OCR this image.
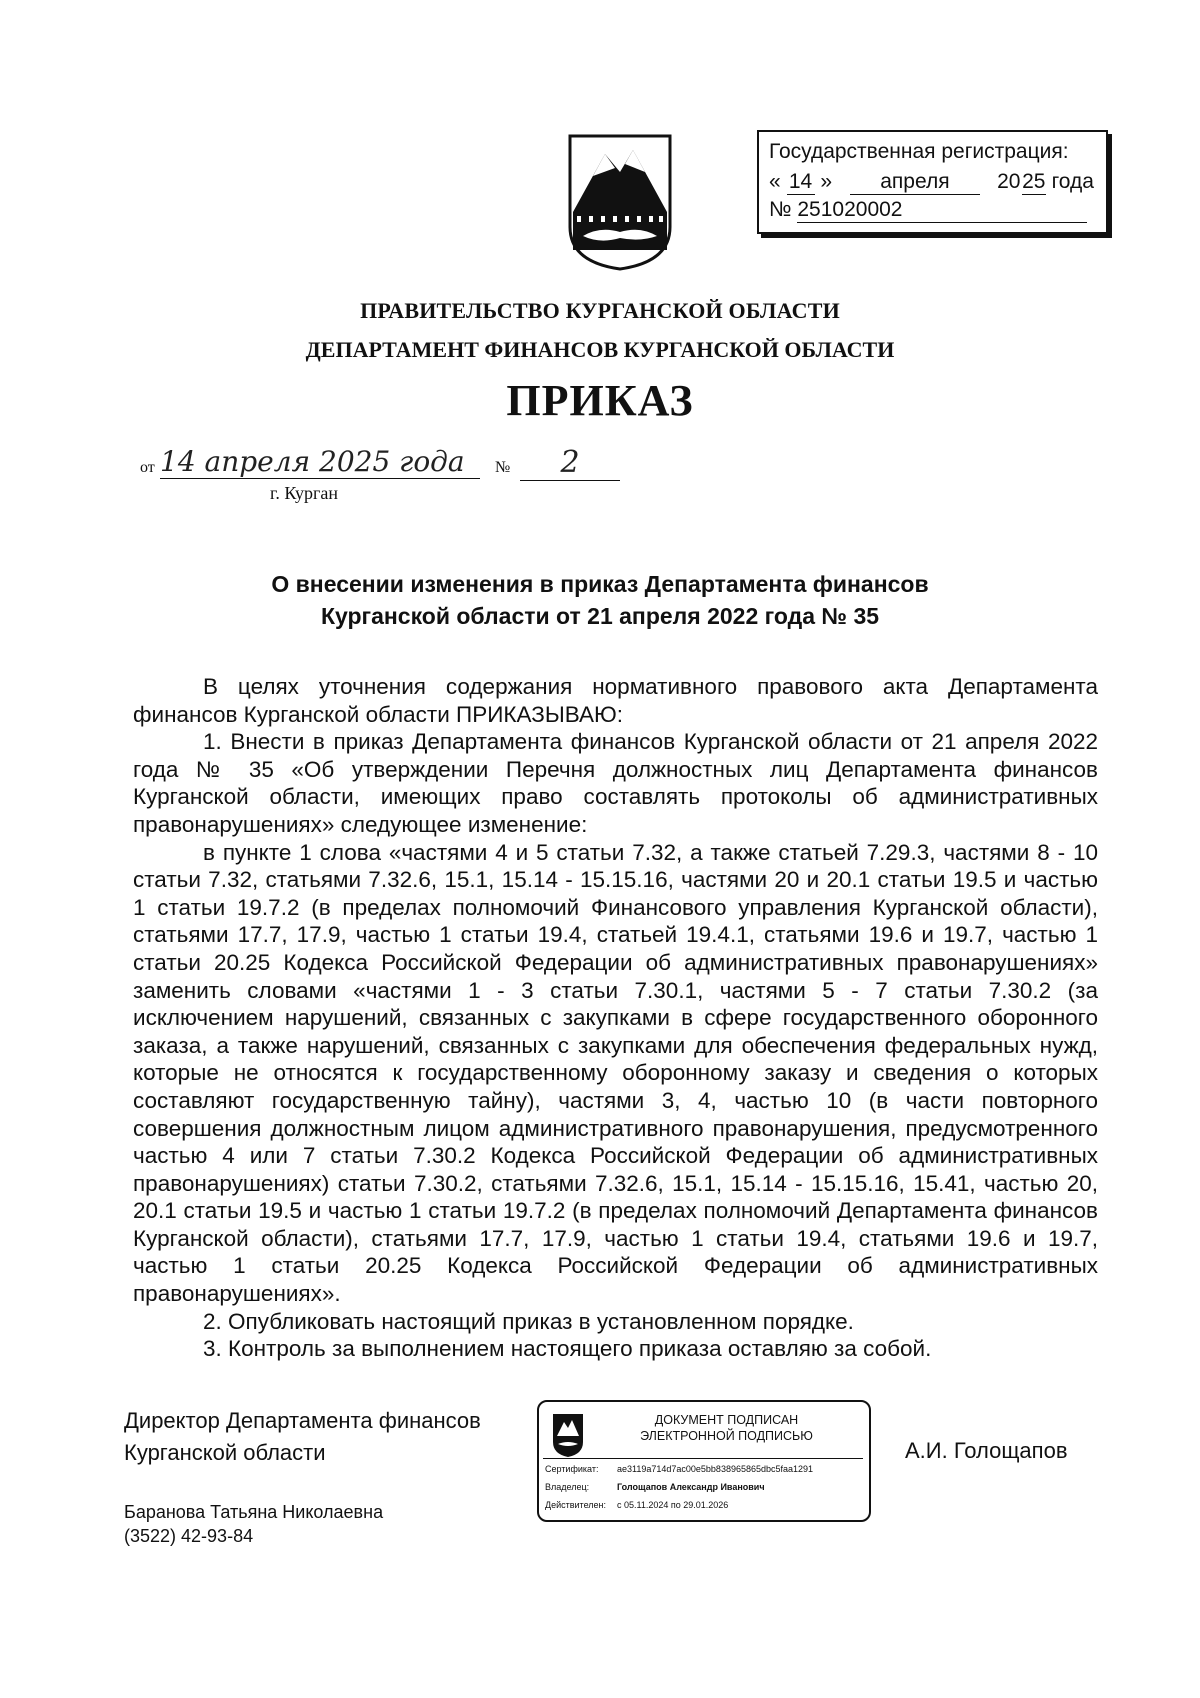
Государственная регистрация:
« 14 » апреля 2025 года
№ 251020002
ПРАВИТЕЛЬСТВО КУРГАНСКОЙ ОБЛАСТИ
ДЕПАРТАМЕНТ ФИНАНСОВ КУРГАНСКОЙ ОБЛАСТИ
ПРИКАЗ
от 14 апреля 2025 года	№	2
г. Курган
О внесении изменения в приказ Департамента финансов
Курганской области от 21 апреля 2022 года № 35

В целях уточнения содержания нормативного правового акта Департамента финансов Курганской области ПРИКАЗЫВАЮ:

1. Внести в приказ Департамента финансов Курганской области от 21 апреля 2022 года № 35 «Об утверждении Перечня должностных лиц Департамента финансов Курганской области, имеющих право составлять протоколы об административных правонарушениях» следующее изменение:

в пункте 1 слова «частями 4 и 5 статьи 7.32, а также статьей 7.29.3, частями 8 - 10 статьи 7.32, статьями 7.32.6, 15.1, 15.14 - 15.15.16, частями 20 и 20.1 статьи 19.5 и частью 1 статьи 19.7.2 (в пределах полномочий Финансового управления Курганской области), статьями 17.7, 17.9, частью 1 статьи 19.4, статьей 19.4.1, статьями 19.6 и 19.7, частью 1 статьи 20.25 Кодекса Российской Федерации об административных правонарушениях» заменить словами «частями 1 - 3 статьи 7.30.1, частями 5 - 7 статьи 7.30.2 (за исключением нарушений, связанных с закупками в сфере государственного оборонного заказа, а также нарушений, связанных с закупками для обеспечения федеральных нужд, которые не относятся к государственному оборонному заказу и сведения о которых составляют государственную тайну), частями 3, 4, частью 10 (в части повторного совершения должностным лицом административного правонарушения, предусмотренного частью 4 или 7 статьи 7.30.2 Кодекса Российской Федерации об административных правонарушениях) статьи 7.30.2, статьями 7.32.6, 15.1, 15.14 - 15.15.16, 15.41, частью 20, 20.1 статьи 19.5 и частью 1 статьи 19.7.2 (в пределах полномочий Департамента финансов Курганской области), статьями 17.7, 17.9, частью 1 статьи 19.4, статьями 19.6 и 19.7, частью 1 статьи 20.25 Кодекса Российской Федерации об административных правонарушениях».

2. Опубликовать настоящий приказ в установленном порядке.

3. Контроль за выполнением настоящего приказа оставляю за собой.

Директор Департамента финансов
Курганской области
ДОКУМЕНТ ПОДПИСАН
ЭЛЕКТРОННОЙ ПОДПИСЬЮ
Сертификат: ae3119a714d7ac00e5bb838965865dbc5faa1291
Владелец:	Голощапов Александр Иванович
Действителен: с 05.11.2024 по 29.01.2026
А.И. Голощапов
Баранова Татьяна Николаевна
(3522) 42-93-84
